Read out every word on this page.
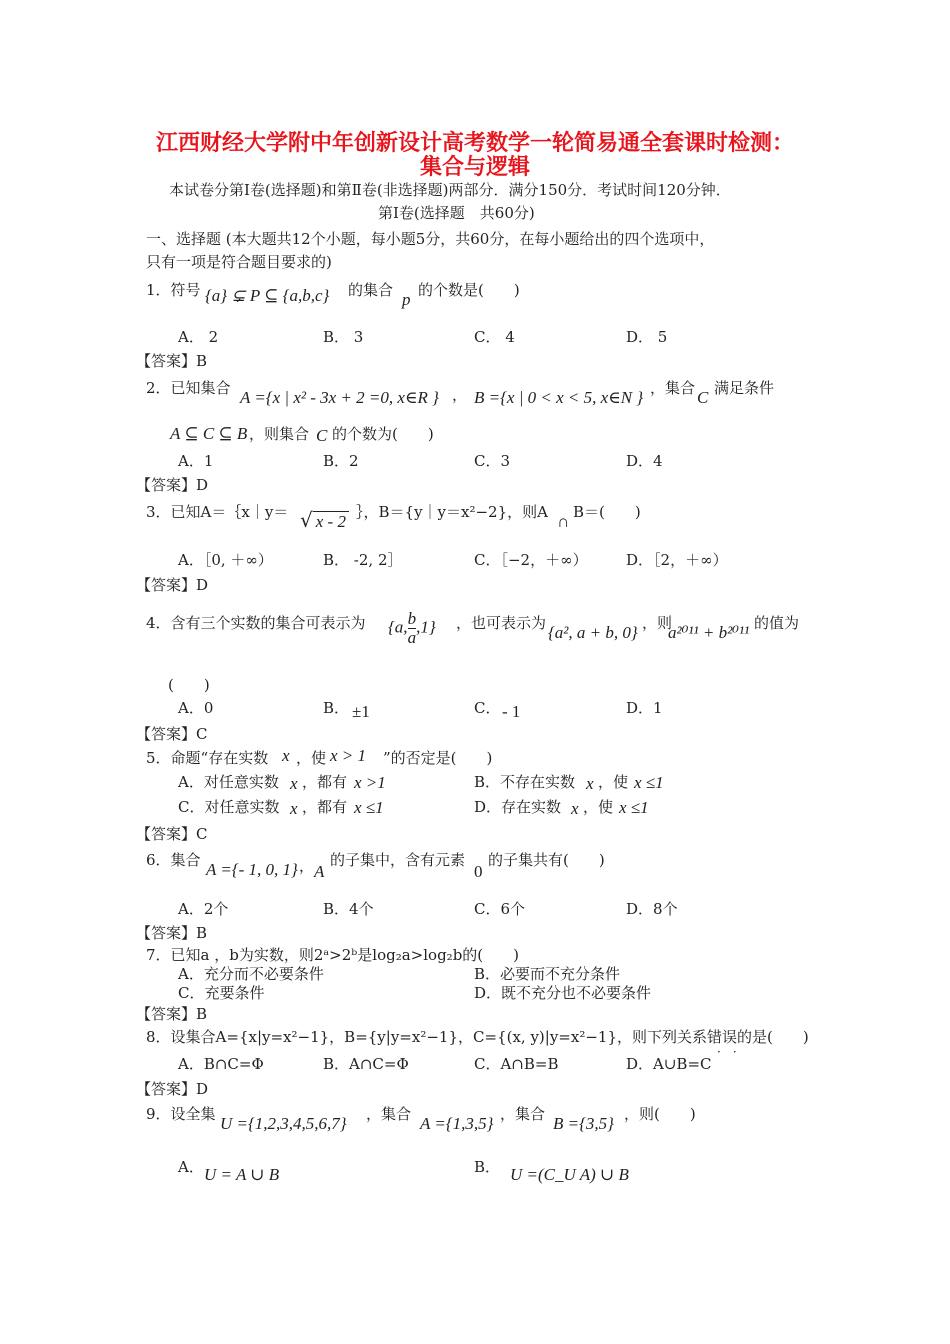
江西财经大学附中年创新设计高考数学一轮简易通全套课时检测：
集合与逻辑
本试卷分第Ⅰ卷(选择题)和第Ⅱ卷(非选择题)两部分．满分150分．考试时间120分钟．
第Ⅰ卷(选择题　共60分)
一、选择题 (本大题共12个小题，每小题5分，共60分，在每小题给出的四个选项中，
只有一项是符合题目要求的)
1．符号 {a} ⊊ P ⊆ {a,b,c} 的集合 p 的个数是(　　)
A． 2	B． 3	C． 4	D． 5
【答案】B
2．已知集合 A ={x | x² - 3x + 2 =0, x∈R } ， B ={x | 0 < x < 5, x∈N } ，集合 C 满足条件
A ⊆ C ⊆ B ，则集合 C 的个数为(　　)
A．1	B．2	C．3	D．4
【答案】D
3．已知A＝｛x｜y＝ √ x - 2 ｝，B＝{y｜y＝x²−2}，则A ∩ B＝(　　)
A．［0, ＋∞）	B． -2, 2］	C．［−2，＋∞）	D．［2，＋∞）
【答案】D
4．含有三个实数的集合可表示为 {a, $\frac{b}{a} ,1$} ，也可表示为 {a², a + b, 0} ，则
a²⁰¹¹ + b²⁰¹¹ 的值为
(　　)
A．0	B． ±1	C． - 1	D．1
【答案】C
5．命题“存在实数 x ，使 x > 1 ”的否定是(　　)
A．对任意实数 x ，都有 x >1	B．不存在实数 x ，使 x ≤1
C．对任意实数 x ，都有 x ≤1	D．存在实数 x ，使 x ≤1
【答案】C
6．集合 A ={- 1, 0, 1} ， A
的子集中，含有元素
0
的子集共有(　　)
A．2个	B．4个	C．6个	D．8个
【答案】B
7．已知a ，b为实数，则2ᵃ>2ᵇ是log₂a>log₂b的(　　)
A．充分而不必要条件	B．必要而不充分条件
C．充要条件	D．既不充分也不必要条件
【答案】B
8．设集合A={x|y=x²−1}，B={y|y=x²−1}，C={(x, y)|y=x²−1}，则下列关系错误的是(　　)
·　·
A．B∩C=Φ	B．A∩C=Φ	C．A∩B=B	D．A∪B=C
【答案】D
9．设全集 U ={1,2,3,4,5,6,7} ，集合 A ={1,3,5} ，集合 B ={3,5} ，则(　　)
A． U = A ∪ B	B． U =(C_U A) ∪ B
